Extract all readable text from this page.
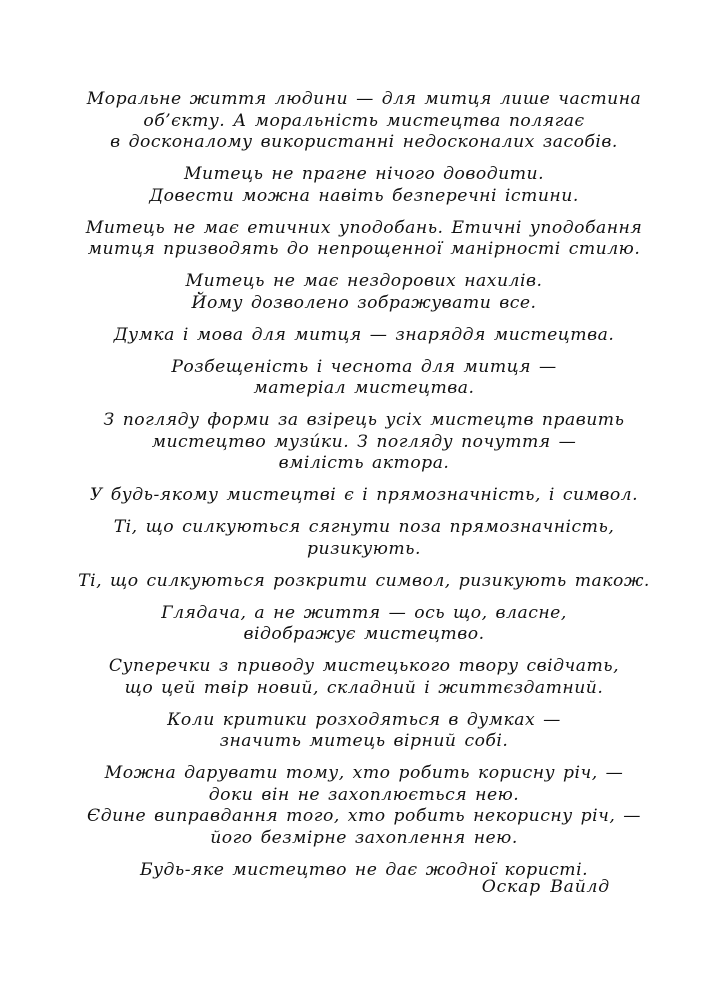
Моральне життя людини — для митця лише частина
об’єкту. А моральність мистецтва полягає
в досконалому використанні недосконалих засобів.

Митець не прагне нічого доводити.
Довести можна навіть безперечні істини.

Митець не має етичних уподобань. Етичні уподобання
митця призводять до непрощенної манірності стилю.

Митець не має нездорових нахилів.
Йому дозволено зображувати все.

Думка і мова для митця — знаряддя мистецтва.

Розбещеність і чеснота для митця —
матеріал мистецтва.

З погляду форми за взірець усіх мистецтв править
мистецтво музи́ки. З погляду почуття —
вмілість актора.

У будь-якому мистецтві є і прямозначність, і символ.

Ті, що силкуються сягнути поза прямозначність,
ризикують.

Ті, що силкуються розкрити символ, ризикують також.

Глядача, а не життя — ось що, власне,
відображує мистецтво.

Суперечки з приводу мистецького твору свідчать,
що цей твір новий, складний і життєздатний.

Коли критики розходяться в думках —
значить митець вірний собі.

Можна дарувати тому, хто робить корисну річ, —
доки він не захоплюється нею.
Єдине виправдання того, хто робить некорисну річ, —
його безмірне захоплення нею.

Будь-яке мистецтво не дає жодної користі.

Оскар Вайлд
